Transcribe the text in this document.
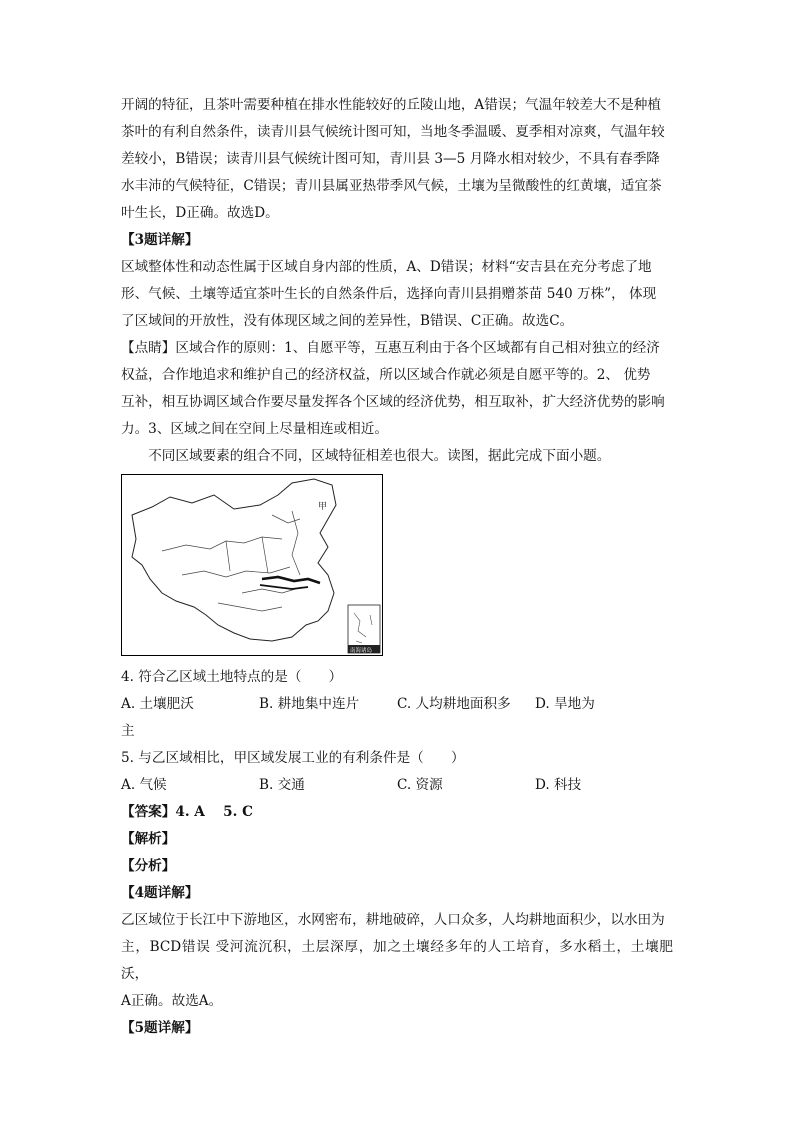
开阔的特征，且茶叶需要种植在排水性能较好的丘陵山地，A错误；气温年较差大不是种植

茶叶的有利自然条件，读青川县气候统计图可知，当地冬季温暖、夏季相对凉爽，气温年较

差较小，B错误；读青川县气候统计图可知，青川县 3—5 月降水相对较少，不具有春季降

水丰沛的气候特征，C错误；青川县属亚热带季风气候，土壤为呈微酸性的红黄壤，适宜茶

叶生长，D正确。故选D。

【3题详解】

区域整体性和动态性属于区域自身内部的性质，A、D错误；材料“安吉县在充分考虑了地

形、气候、土壤等适宜茶叶生长的自然条件后，选择向青川县捐赠茶苗 540 万株”， 体现

了区域间的开放性，没有体现区域之间的差异性，B错误、C正确。故选C。

【点睛】区域合作的原则：1、自愿平等，互惠互利由于各个区域都有自己相对独立的经济

权益，合作地追求和维护自己的经济权益，所以区域合作就必须是自愿平等的。2、 优势

互补，相互协调区域合作要尽量发挥各个区域的经济优势，相互取补，扩大经济优势的影响

力。3、区域之间在空间上尽量相连或相近。

不同区域要素的组合不同，区域特征相差也很大。读图，据此完成下面小题。

甲
南海诸岛

4. 符合乙区域土地特点的是（　　）

A. 土壤肥沃	B. 耕地集中连片	C. 人均耕地面积多	D. 旱地为

主

5. 与乙区域相比，甲区域发展工业的有利条件是（　　）

A. 气候	B. 交通	C. 资源	D. 科技

【答案】4. A　 5. C

【解析】

【分析】

【4题详解】

乙区域位于长江中下游地区，水网密布，耕地破碎，人口众多，人均耕地面积少，以水田为

主，BCD错误 受河流沉积，土层深厚，加之土壤经多年的人工培育，多水稻土，土壤肥沃，

A正确。故选A。

【5题详解】
